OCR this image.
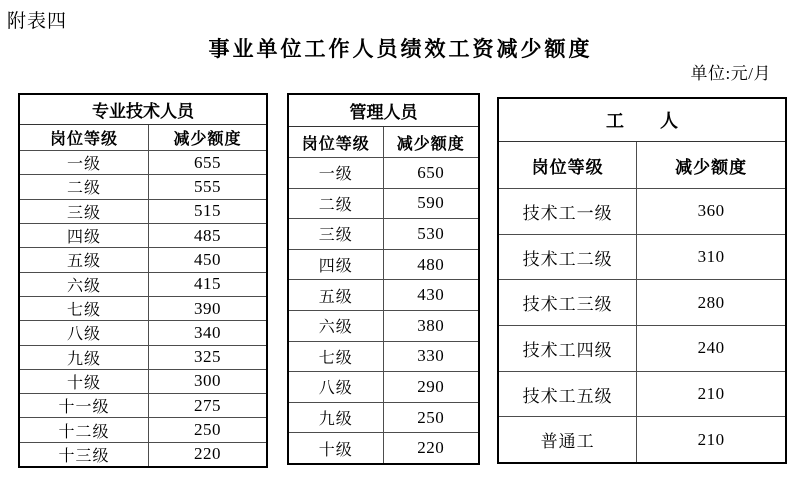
附表四
事业单位工作人员绩效工资减少额度
单位:元/月
专业技术人员
岗位等级	减少额度
一级	655
二级	555
三级	515
四级	485
五级	450
六级	415
七级	390
八级	340
九级	325
十级	300
十一级	275
十二级	250
十三级	220
管理人员
岗位等级	减少额度
一级	650
二级	590
三级	530
四级	480
五级	430
六级	380
七级	330
八级	290
九级	250
十级	220
工　　人
岗位等级	减少额度
技术工一级	360
技术工二级	310
技术工三级	280
技术工四级	240
技术工五级	210
普通工	210
